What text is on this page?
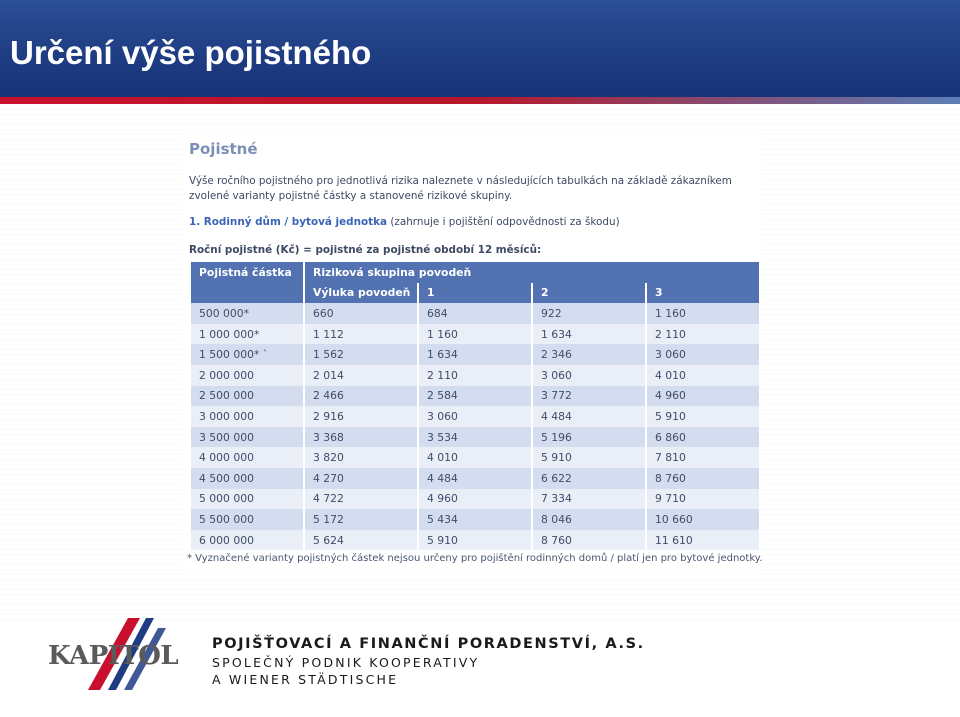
Určení výše pojistného
Pojistné
Výše ročního pojistného pro jednotlivá rizika naleznete v následujících tabulkách na základě zákazníkem zvolené varianty pojistné částky a stanovené rizikové skupiny.
1. Rodinný dům / bytová jednotka (zahrnuje i pojištění odpovědnosti za škodu)
Roční pojistné (Kč) = pojistné za pojistné období 12 měsíců:
Pojistná částka	Riziková skupina povodeň			
	Výluka povodeň	1	2	3
500 000*	660	684	922	1 160
1 000 000*	1 112	1 160	1 634	2 110
1 500 000* `	1 562	1 634	2 346	3 060
2 000 000	2 014	2 110	3 060	4 010
2 500 000	2 466	2 584	3 772	4 960
3 000 000	2 916	3 060	4 484	5 910
3 500 000	3 368	3 534	5 196	6 860
4 000 000	3 820	4 010	5 910	7 810
4 500 000	4 270	4 484	6 622	8 760
5 000 000	4 722	4 960	7 334	9 710
5 500 000	5 172	5 434	8 046	10 660
6 000 000	5 624	5 910	8 760	11 610
* Vyznačené varianty pojistných částek nejsou určeny pro pojištění rodinných domů / platí jen pro bytové jednotky.
KAPITOL POJIŠŤOVACÍ A FINANČNÍ PORADENSTVÍ, A.S.
SPOLEČNÝ PODNIK KOOPERATIVY
A WIENER STÄDTISCHE
